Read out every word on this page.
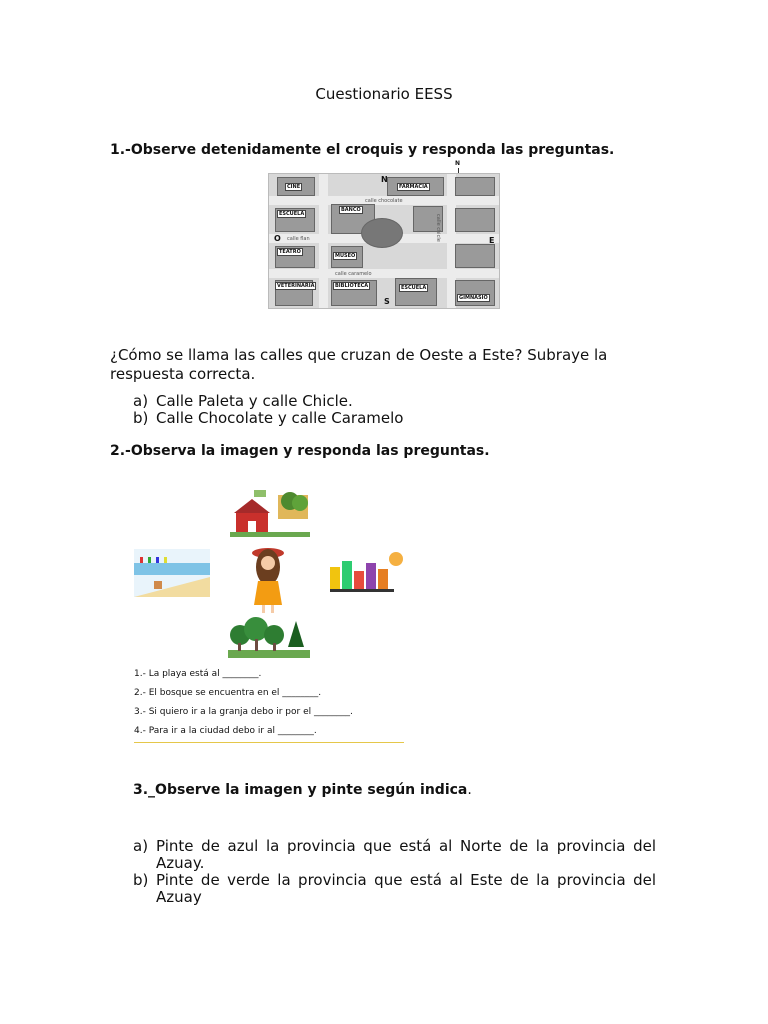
Cuestionario EESS
1.-Observe detenidamente el croquis y responda las preguntas.
N
CINE	FARMACIA
BANCO
ESCUELA
TEATRO
MUSEO
VETERINARIA	BIBLIOTECA	ESCUELA
GIMNASIO
calle chocolate
calle flan
calle caramelo
calle chicle
N
S
E
O
¿Cómo se llama las calles que cruzan de Oeste a Este? Subraye la respuesta correcta.
a) Calle Paleta y calle Chicle.
b) Calle Chocolate y calle Caramelo
2.-Observa la imagen y responda las preguntas.
1.- La playa está al ________.
2.- El bosque se encuentra en el ________.
3.- Si quiero ir a la granja debo ir por el ________.
4.- Para ir a la ciudad debo ir al ________.
3._Observe la imagen y pinte según indica.
a) Pinte de azul la provincia que está al Norte de la provincia del Azuay.
b) Pinte de verde la provincia que está al Este de la provincia del Azuay
